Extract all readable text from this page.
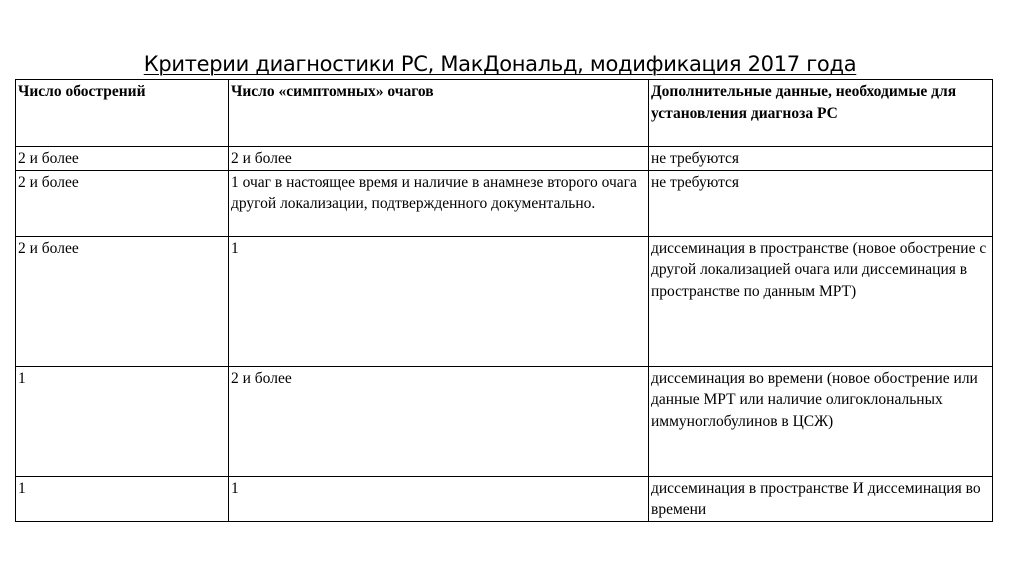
Критерии диагностики РС, МакДональд, модификация 2017 года
Число обострений	Число «симптомных» очагов	Дополнительные данные, необходимые для установления диагноза РС
2 и более	2 и более	не требуются
2 и более	1 очаг в настоящее время и наличие в анамнезе второго очага другой локализации, подтвержденного документально.	не требуются
2 и более	1	диссеминация в пространстве (новое обострение с другой локализацией очага или диссеминация в пространстве по данным МРТ)
1	2 и более	диссеминация во времени (новое обострение или данные МРТ или наличие олигоклональных иммуноглобулинов в ЦСЖ)
1	1	диссеминация в пространстве И диссеминация во времени
